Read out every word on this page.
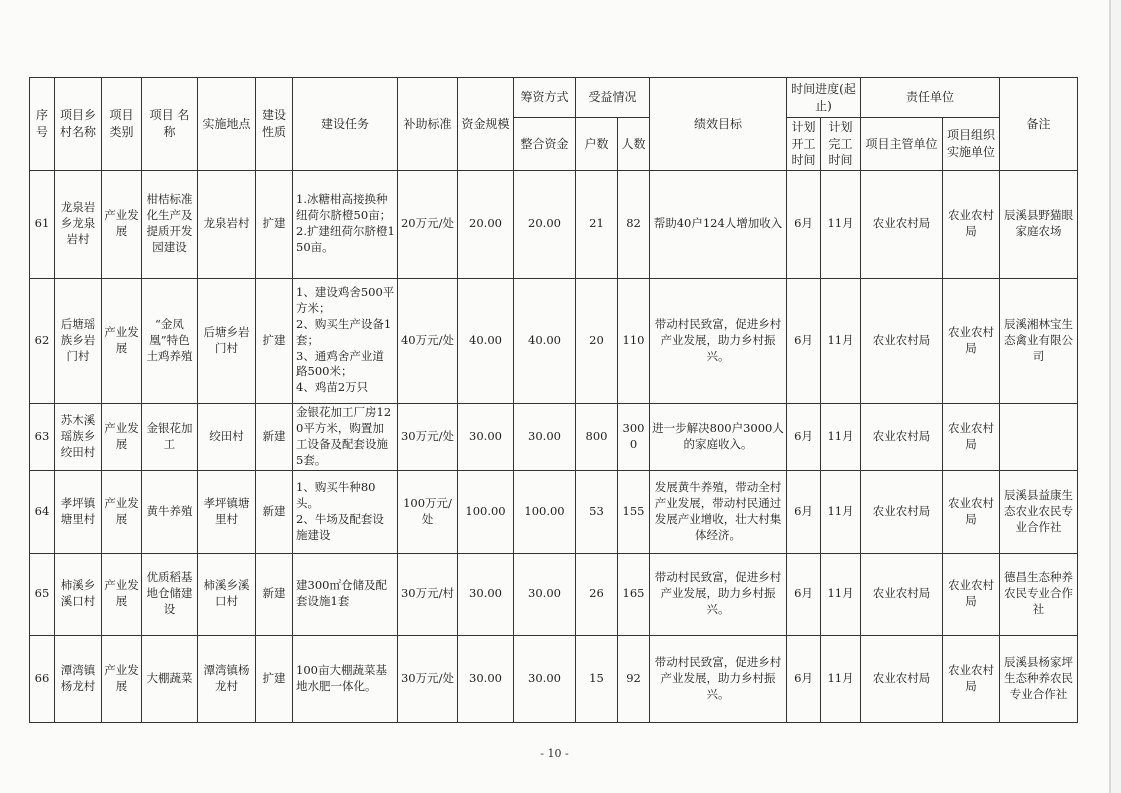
序号	项目乡村名称	项目类别	项目 名称	实施地点	建设性质	建设任务	补助标准	资金规模	筹资方式	受益情况		绩效目标	时间进度(起止)		责任单位		备注
									整合资金	户数	人数		计划开工时间	计划完工时间	项目主管单位	项目组织实施单位	
61	龙泉岩乡龙泉岩村	产业发展	柑桔标准化生产及提质开发园建设	龙泉岩村	扩建	1.冰糖柑高接换种纽荷尔脐橙50亩；
2.扩建纽荷尔脐橙150亩。	20万元/处	20.00	20.00	21	82	帮助40户124人增加收入	6月	11月	农业农村局	农业农村局	辰溪县野猫眼家庭农场
62	后塘瑶族乡岩门村	产业发展	“金凤凰”特色土鸡养殖	后塘乡岩门村	扩建	1、建设鸡舍500平方米；
2、购买生产设备1套；
3、通鸡舍产业道路500米；
4、鸡苗2万只	40万元/处	40.00	40.00	20	110	带动村民致富，促进乡村产业发展，助力乡村振兴。	6月	11月	农业农村局	农业农村局	辰溪湘林宝生态禽业有限公司
63	苏木溪瑶族乡绞田村	产业发展	金银花加工	绞田村	新建	金银花加工厂房120平方米，购置加工设备及配套设施5套。	30万元/处	30.00	30.00	800	3000	进一步解决800户3000人的家庭收入。	6月	11月	农业农村局	农业农村局	
64	孝坪镇塘里村	产业发展	黄牛养殖	孝坪镇塘里村	新建	1、购买牛种80头。
2、牛场及配套设施建设	100万元/处	100.00	100.00	53	155	发展黄牛养殖，带动全村产业发展，带动村民通过发展产业增收，壮大村集体经济。	6月	11月	农业农村局	农业农村局	辰溪县益康生态农业农民专业合作社
65	柿溪乡溪口村	产业发展	优质稻基地仓储建设	柿溪乡溪口村	新建	建300㎡仓储及配套设施1套	30万元/村	30.00	30.00	26	165	带动村民致富，促进乡村产业发展，助力乡村振兴。	6月	11月	农业农村局	农业农村局	德昌生态种养农民专业合作社
66	潭湾镇杨龙村	产业发展	大棚蔬菜	潭湾镇杨龙村	扩建	100亩大棚蔬菜基地水肥一体化。	30万元/处	30.00	30.00	15	92	带动村民致富，促进乡村产业发展，助力乡村振兴。	6月	11月	农业农村局	农业农村局	辰溪县杨家坪生态种养农民专业合作社
- 10 -
